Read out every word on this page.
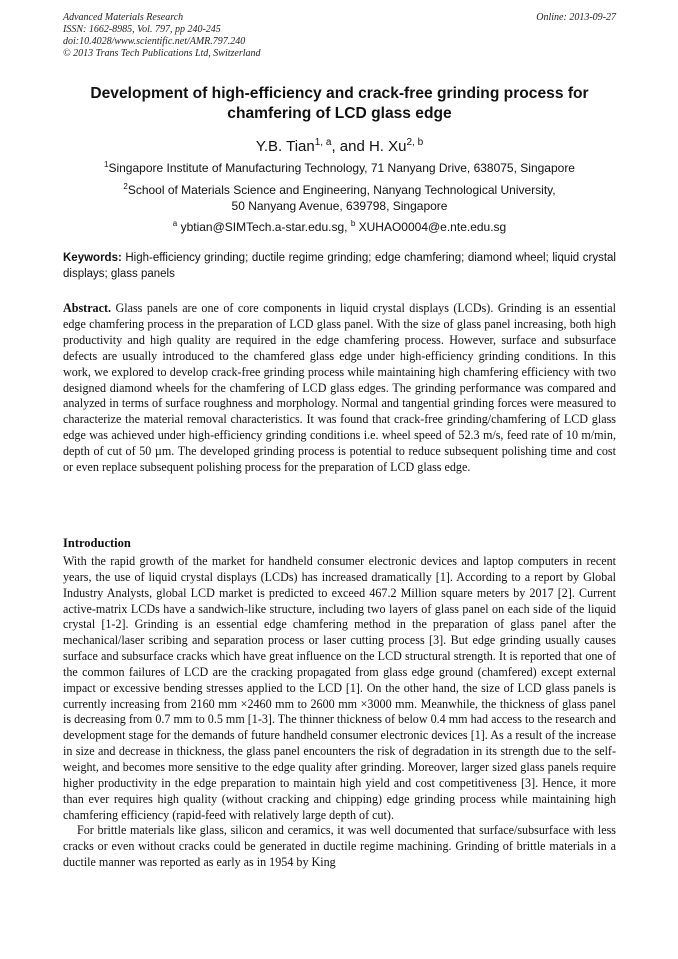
Advanced Materials Research
ISSN: 1662-8985, Vol. 797, pp 240-245
doi:10.4028/www.scientific.net/AMR.797.240
© 2013 Trans Tech Publications Ltd, Switzerland
Online: 2013-09-27
Development of high-efficiency and crack-free grinding process for chamfering of LCD glass edge
Y.B. Tian$^{1, a}$, and H. Xu$^{2, b}$
$^1$Singapore Institute of Manufacturing Technology, 71 Nanyang Drive, 638075, Singapore
$^2$School of Materials Science and Engineering, Nanyang Technological University,
50 Nanyang Avenue, 639798, Singapore
$^a$ ybtian@SIMTech.a-star.edu.sg, $^b$ XUHAO0004@e.nte.edu.sg
Keywords: High-efficiency grinding; ductile regime grinding; edge chamfering; diamond wheel; liquid crystal displays; glass panels
Abstract. Glass panels are one of core components in liquid crystal displays (LCDs). Grinding is an essential edge chamfering process in the preparation of LCD glass panel. With the size of glass panel increasing, both high productivity and high quality are required in the edge chamfering process. However, surface and subsurface defects are usually introduced to the chamfered glass edge under high-efficiency grinding conditions. In this work, we explored to develop crack-free grinding process while maintaining high chamfering efficiency with two designed diamond wheels for the chamfering of LCD glass edges. The grinding performance was compared and analyzed in terms of surface roughness and morphology. Normal and tangential grinding forces were measured to characterize the material removal characteristics. It was found that crack-free grinding/chamfering of LCD glass edge was achieved under high-efficiency grinding conditions i.e. wheel speed of 52.3 m/s, feed rate of 10 m/min, depth of cut of 50 µm. The developed grinding process is potential to reduce subsequent polishing time and cost or even replace subsequent polishing process for the preparation of LCD glass edge.
Introduction

With the rapid growth of the market for handheld consumer electronic devices and laptop computers in recent years, the use of liquid crystal displays (LCDs) has increased dramatically [1]. According to a report by Global Industry Analysts, global LCD market is predicted to exceed 467.2 Million square meters by 2017 [2]. Current active-matrix LCDs have a sandwich-like structure, including two layers of glass panel on each side of the liquid crystal [1-2]. Grinding is an essential edge chamfering method in the preparation of glass panel after the mechanical/laser scribing and separation process or laser cutting process [3]. But edge grinding usually causes surface and subsurface cracks which have great influence on the LCD structural strength. It is reported that one of the common failures of LCD are the cracking propagated from glass edge ground (chamfered) except external impact or excessive bending stresses applied to the LCD [1]. On the other hand, the size of LCD glass panels is currently increasing from 2160 mm ×2460 mm to 2600 mm ×3000 mm. Meanwhile, the thickness of glass panel is decreasing from 0.7 mm to 0.5 mm [1-3]. The thinner thickness of below 0.4 mm had access to the research and development stage for the demands of future handheld consumer electronic devices [1]. As a result of the increase in size and decrease in thickness, the glass panel encounters the risk of degradation in its strength due to the self-weight, and becomes more sensitive to the edge quality after grinding. Moreover, larger sized glass panels require higher productivity in the edge preparation to maintain high yield and cost competitiveness [3]. Hence, it more than ever requires high quality (without cracking and chipping) edge grinding process while maintaining high chamfering efficiency (rapid-feed with relatively large depth of cut).

For brittle materials like glass, silicon and ceramics, it was well documented that surface/subsurface with less cracks or even without cracks could be generated in ductile regime machining. Grinding of brittle materials in a ductile manner was reported as early as in 1954 by King
